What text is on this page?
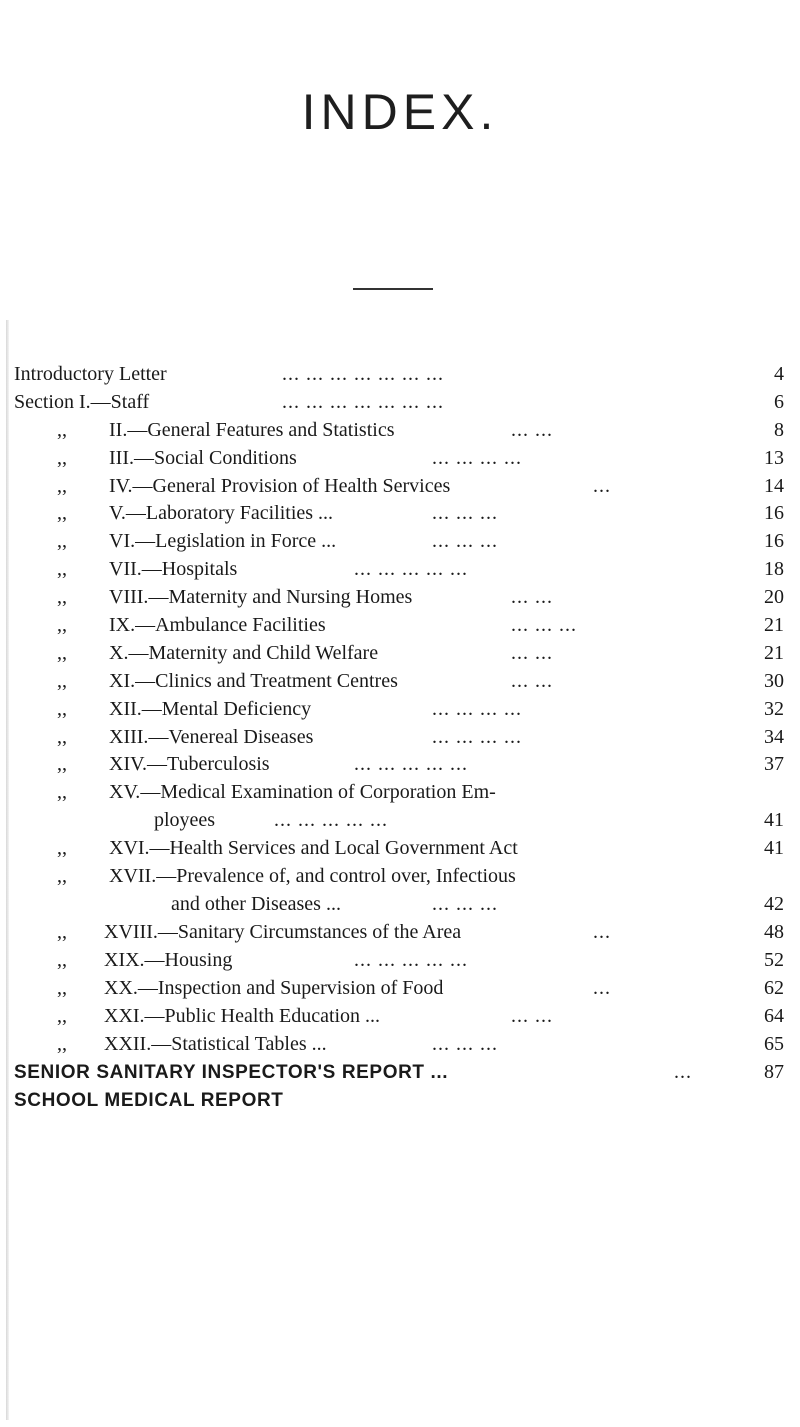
INDEX.
Introductory Letter	... ... ... ... ... ... ...	4
Section I.—Staff	... ... ... ... ... ... ...	6
,, II.—General Features and Statistics	... ...	8
,, III.—Social Conditions	... ... ... ...	13
,, IV.—General Provision of Health Services	...	14
,, V.—Laboratory Facilities ...	... ... ...	16
,, VI.—Legislation in Force ...	... ... ...	16
,, VII.—Hospitals	... ... ... ... ...	18
,, VIII.—Maternity and Nursing Homes	... ...	20
,, IX.—Ambulance Facilities	... ... ...	21
,, X.—Maternity and Child Welfare	... ...	21
,, XI.—Clinics and Treatment Centres	... ...	30
,, XII.—Mental Deficiency	... ... ... ...	32
,, XIII.—Venereal Diseases	... ... ... ...	34
,, XIV.—Tuberculosis	... ... ... ... ...	37
,, XV.—Medical Examination of Corporation Em-
ployees	... ... ... ... ...	41
,, XVI.—Health Services and Local Government Act	41
,, XVII.—Prevalence of, and control over, Infectious
and other Diseases ...	... ... ...	42
,, XVIII.—Sanitary Circumstances of the Area	...	48
,, XIX.—Housing	... ... ... ... ...	52
,, XX.—Inspection and Supervision of Food	...	62
,, XXI.—Public Health Education ...	... ...	64
,, XXII.—Statistical Tables ...	... ... ...	65
SENIOR SANITARY INSPECTOR'S REPORT ...	...	87
SCHOOL MEDICAL REPORT
